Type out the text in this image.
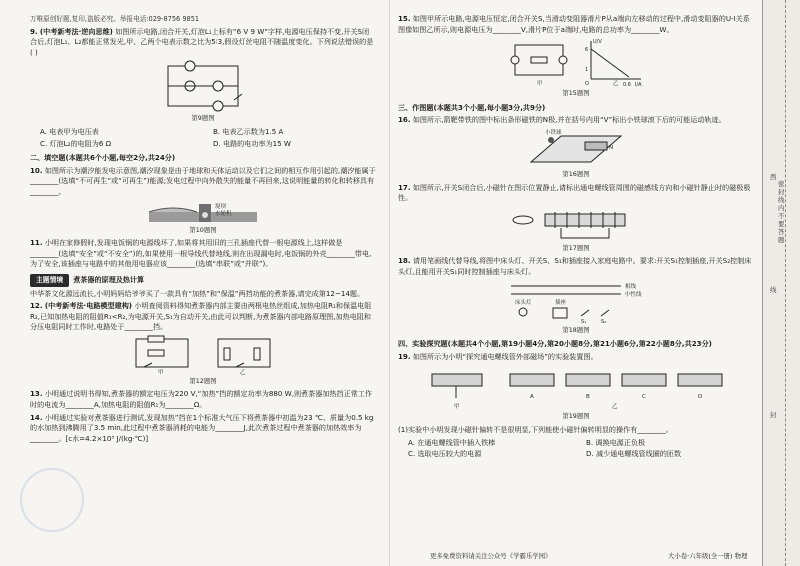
万唯原创好题,复印,盗版必究。举报电话:029-8756 9851
9. (中考新考法·逆向思维) 如图所示电路,闭合开关,灯泡L₁上标有“6 V 9 W”字样,电源电压保持不变,开关S闭合后,灯泡L₁、L₂都能正常发光,甲、乙两个电表示数之比为5∶3,假设灯丝电阻不随温度变化。下列说法错误的是 ( )
第9题图
A. 电表甲为电压表	B. 电表乙示数为1.5 A
C. 灯泡L₂的电阻为6 Ω	D. 电路的电功率为15 W
二、填空题(本题共6个小题,每空2分,共24分)
10. 如图所示为潮汐能发电示意图,潮汐现象是由于地球和天体运动以及它们之间的相互作用引起的,潮汐能属于________(选填“不可再生”或“可再生”)能源;发电过程中向外散失的能量不再回来,这说明能量的转化和转移具有________。
堤坝
水轮机
第10题图
11. 小明在家修假时,发现电饭锅的电源线坏了,如果将其用旧的三孔插座代替一根电源线上,这样做是________(选填“安全”或“不安全”)的,如果使用一根导线代替地线,则在出现漏电时,电饭锅的外壳________带电,为了安全,该插座与电路中的其他用电器应该________(选填“串联”或“并联”)。
主题情境	煮茶器的原理及热计算
中华茶文化源远流长,小明妈妈给爷爷买了一款具有“加热”和“保温”两挡功能的煮茶器,请完成第12~14题。
12. (中考新考法·电路模型建构) 小明查阅资料得知煮茶器内部主要由两根电热丝组成,加热电阻R₁和保温电阻R₂,已知加热电阻的阻值R₁<R₂,为电源开关,S₁为自动开关,由此可以判断,为煮茶器内部电路原理图,加热电阻和分压电阻同时工作时,电路处于________挡。
甲	乙
第12题图
13. 小明通过说明书得知,煮茶器的额定电压为220 V,“加热”挡的额定功率为880 W,则煮茶器加热挡正常工作时的电流为________A,加热电阻的阻值R₁为________Ω。
14. 小明通过实验对煮茶器进行测试,发现加热”挡在1个标准大气压下将煮茶器中初温为23 ℃、质量为0.5 kg的水加热到沸腾用了3.5 min,此过程中煮茶器消耗的电能为________J,此次煮茶过程中煮茶器的加热效率为________。[c水=4.2×10³ J/(kg·℃)]
15. 如图甲所示电路,电源电压恒定,闭合开关S,当滑动变阻器滑片P从a端向左移动的过程中,滑动变阻器的U-I关系图像如图乙所示,则电源电压为________V,滑片P位于a端时,电路的总功率为________W。
甲	乙
U/V
I/A
6
1
0.6
O
第15题图
三、作图题(本题共3个小题,每小题3分,共9分)
16. 如图所示,箭靶带铁的图中标出条形磁铁的N极,并在括号内用“V”标出小铁球滚下后的可能运动轨迹。
小铁球
N
第16题图
17. 如图所示,开关S闭合后,小磁针在图示位置静止,请标出通电螺线管周围的磁感线方向和小磁针静止时的磁极极性。
第17题图
18. 请用笔画线代替导线,将图中床头灯、开关S、S₁和插座接入家庭电路中。要求:开关S₁控制插座,开关S₂控制床头灯,且能用开关S₁同时控制插座与床头灯。
相线
中性线
床头灯	插座
S₁	S₂
第18题图
四、实验探究题(本题共4个小题,第19小题4分,第20小题8分,第21小题6分,第22小题8分,共23分)
19. 如图所示为小明“探究通电螺线管外部磁场”的实验装置图。
甲	乙
A	B	C	D
第19题图
(1)实验中小明发现小磁针偏转不是很明显,下列能使小磁针偏转明显的操作有________。
A. 在通电螺线管中插入铁棒	B. 调换电源正负极
C. 选取电压较大的电源	D. 减少通电螺线管线圈的匝数
更多免费资料请关注公众号《学霸乐学园》	大小卷·六年级(全一册) 物理
密封线内不要答题
西
线
封
